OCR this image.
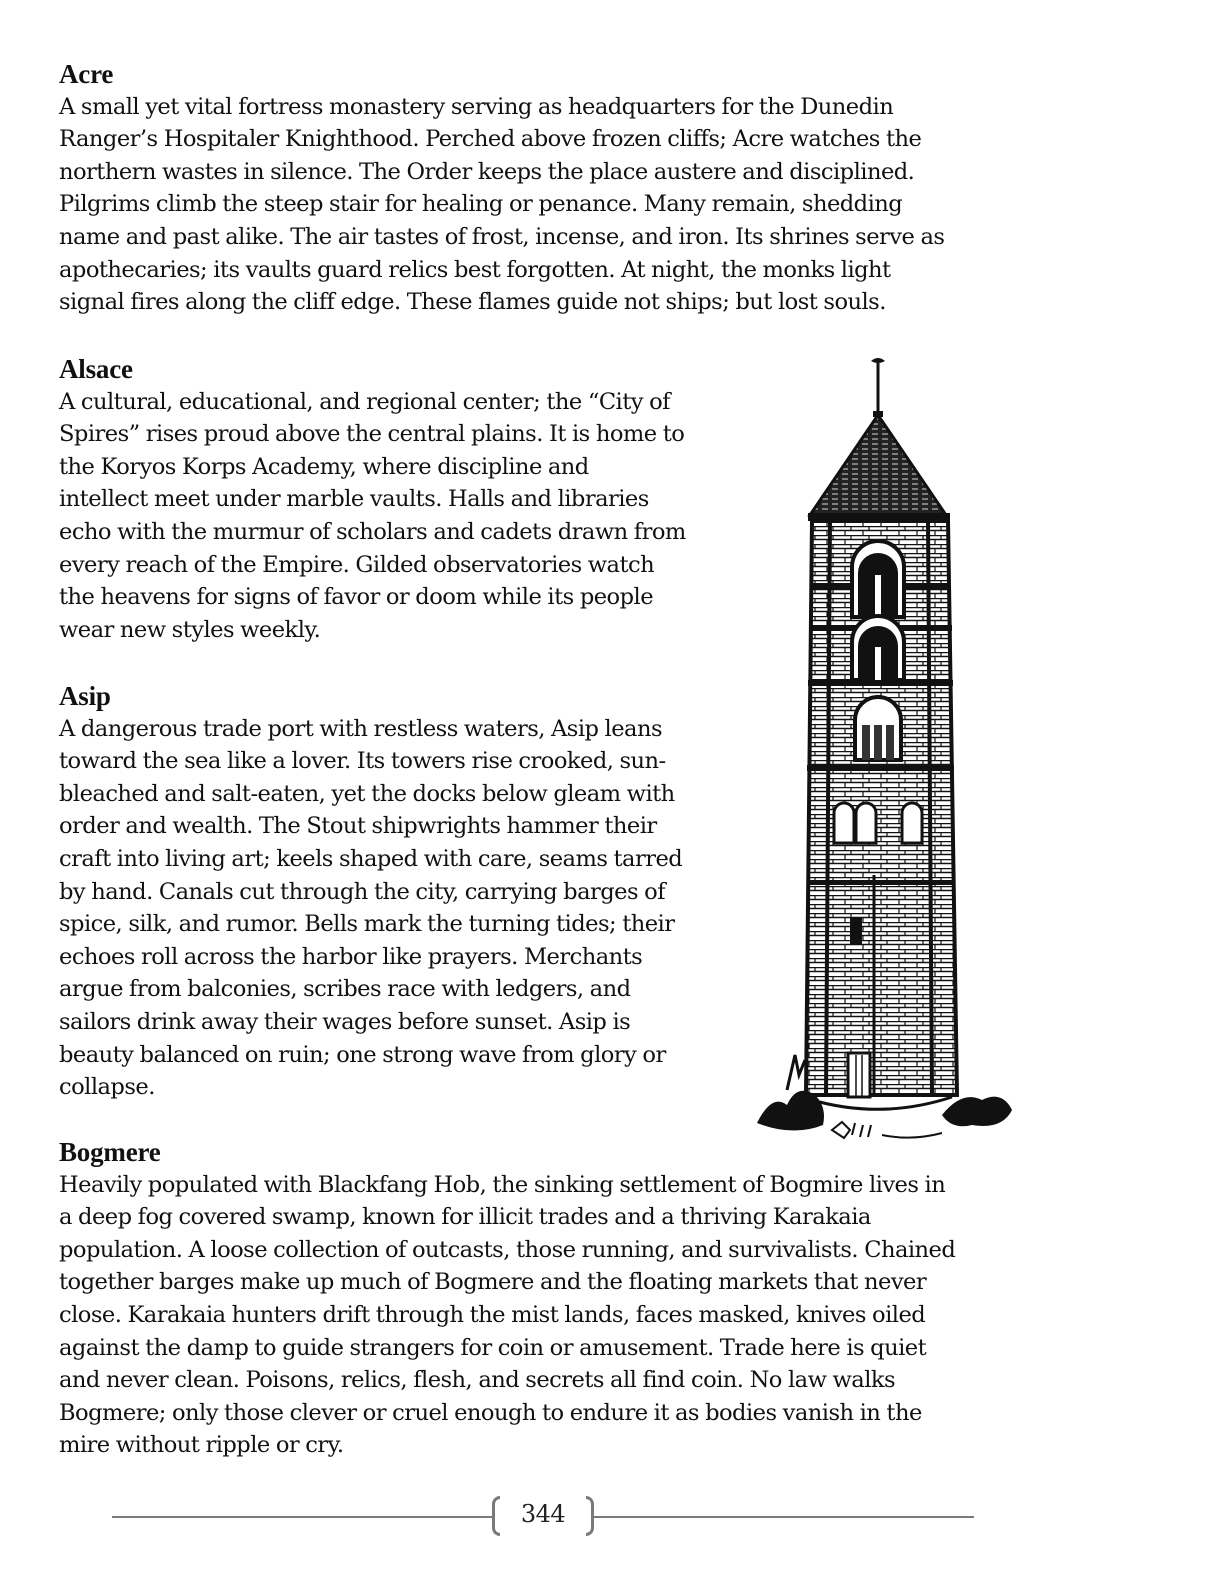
Acre
A small yet vital fortress monastery serving as headquarters for the Dunedin
Ranger’s Hospitaler Knighthood. Perched above frozen cliffs; Acre watches the
northern wastes in silence. The Order keeps the place austere and disciplined.
Pilgrims climb the steep stair for healing or penance. Many remain, shedding
name and past alike. The air tastes of frost, incense, and iron. Its shrines serve as
apothecaries; its vaults guard relics best forgotten. At night, the monks light
signal fires along the cliff edge. These flames guide not ships; but lost souls.
Alsace
A cultural, educational, and regional center; the “City of
Spires” rises proud above the central plains. It is home to
the Koryos Korps Academy, where discipline and
intellect meet under marble vaults. Halls and libraries
echo with the murmur of scholars and cadets drawn from
every reach of the Empire. Gilded observatories watch
the heavens for signs of favor or doom while its people
wear new styles weekly.
Asip
A dangerous trade port with restless waters, Asip leans
toward the sea like a lover. Its towers rise crooked, sun-
bleached and salt-eaten, yet the docks below gleam with
order and wealth. The Stout shipwrights hammer their
craft into living art; keels shaped with care, seams tarred
by hand. Canals cut through the city, carrying barges of
spice, silk, and rumor. Bells mark the turning tides; their
echoes roll across the harbor like prayers. Merchants
argue from balconies, scribes race with ledgers, and
sailors drink away their wages before sunset. Asip is
beauty balanced on ruin; one strong wave from glory or
collapse.
Bogmere
Heavily populated with Blackfang Hob, the sinking settlement of Bogmire lives in
a deep fog covered swamp, known for illicit trades and a thriving Karakaia
population. A loose collection of outcasts, those running, and survivalists. Chained
together barges make up much of Bogmere and the floating markets that never
close. Karakaia hunters drift through the mist lands, faces masked, knives oiled
against the damp to guide strangers for coin or amusement. Trade here is quiet
and never clean. Poisons, relics, flesh, and secrets all find coin. No law walks
Bogmere; only those clever or cruel enough to endure it as bodies vanish in the
mire without ripple or cry.
344
